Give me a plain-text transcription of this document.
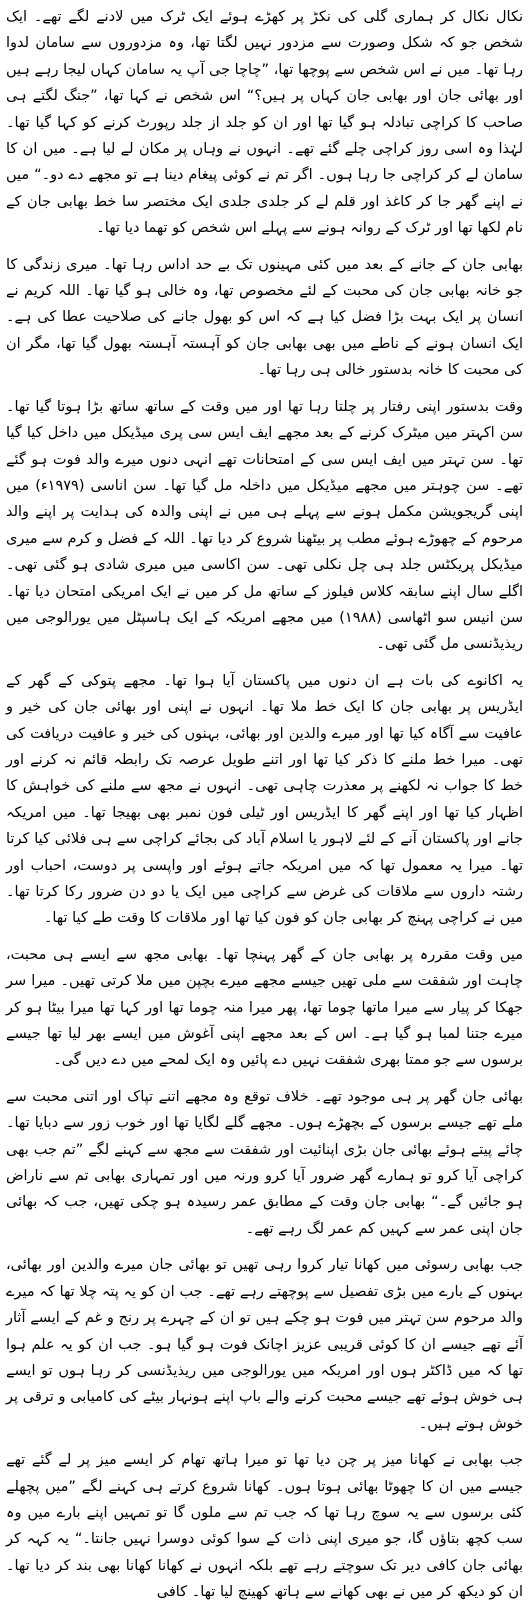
نکال نکال کر ہماری گلی کی نکڑ پر کھڑے ہوئے ایک ٹرک میں لادنے لگے تھے۔ ایک شخص جو کہ شکل وصورت سے مزدور نہیں لگتا تھا، وہ مزدوروں سے سامان لدوا رہا تھا۔ میں نے اس شخص سے پوچھا تھا، ”چاچا جی آپ یہ سامان کہاں لیجا رہے ہیں اور بھائی جان اور بھابی جان کہاں پر ہیں؟“ اس شخص نے کہا تھا، ”جنگ لگتے ہی صاحب کا کراچی تبادلہ ہو گیا تھا اور ان کو جلد از جلد رپورٹ کرنے کو کہا گیا تھا۔ لہٰذا وہ اسی روز کراچی چلے گئے تھے۔ انہوں نے وہاں پر مکان لے لیا ہے۔ میں ان کا سامان لے کر کراچی جا رہا ہوں۔ اگر تم نے کوئی پیغام دینا ہے تو مجھے دے دو۔“ میں نے اپنے گھر جا کر کاغذ اور قلم لے کر جلدی جلدی ایک مختصر سا خط بھابی جان کے نام لکھا تھا اور ٹرک کے روانہ ہونے سے پہلے اس شخص کو تھما دیا تھا۔

بھابی جان کے جانے کے بعد میں کئی مہینوں تک بے حد اداس رہا تھا۔ میری زندگی کا جو خانہ بھابی جان کی محبت کے لئے مخصوص تھا، وہ خالی ہو گیا تھا۔ اللہ کریم نے انسان پر ایک بہت بڑا فضل کیا ہے کہ اس کو بھول جانے کی صلاحیت عطا کی ہے۔ ایک انسان ہونے کے ناطے میں بھی بھابی جان کو آہستہ آہستہ بھول گیا تھا، مگر ان کی محبت کا خانہ بدستور خالی ہی رہا تھا۔

وقت بدستور اپنی رفتار پر چلتا رہا تھا اور میں وقت کے ساتھ ساتھ بڑا ہوتا گیا تھا۔ سن اکہتر میں میٹرک کرنے کے بعد مجھے ایف ایس سی پری میڈیکل میں داخل کیا گیا تھا۔ سن تہتر میں ایف ایس سی کے امتحانات تھے انہی دنوں میرے والد فوت ہو گئے تھے۔ سن چوہتر میں مجھے میڈیکل میں داخلہ مل گیا تھا۔ سن اناسی (۱۹۷۹ء) میں اپنی گریجویشن مکمل ہونے سے پہلے ہی میں نے اپنی والدہ کی ہدایت پر اپنے والد مرحوم کے چھوڑے ہوئے مطب پر بیٹھنا شروع کر دیا تھا۔ اللہ کے فضل و کرم سے میری میڈیکل پریکٹس جلد ہی چل نکلی تھی۔ سن اکاسی میں میری شادی ہو گئی تھی۔ اگلے سال اپنے سابقہ کلاس فیلوز کے ساتھ مل کر میں نے ایک امریکی امتحان دیا تھا۔ سن انیس سو اٹھاسی (۱۹۸۸) میں مجھے امریکہ کے ایک ہاسپٹل میں یورالوجی میں ریذیڈنسی مل گئی تھی۔

یہ اکانوے کی بات ہے ان دنوں میں پاکستان آیا ہوا تھا۔ مجھے پتوکی کے گھر کے ایڈریس پر بھابی جان کا ایک خط ملا تھا۔ انہوں نے اپنی اور بھائی جان کی خیر و عافیت سے آگاہ کیا تھا اور میرے والدین اور بھائی، بہنوں کی خیر و عافیت دریافت کی تھی۔ میرا خط ملنے کا ذکر کیا تھا اور اتنے طویل عرصہ تک رابطہ قائم نہ کرنے اور خط کا جواب نہ لکھنے پر معذرت چاہی تھی۔ انہوں نے مجھ سے ملنے کی خواہش کا اظہار کیا تھا اور اپنے گھر کا ایڈریس اور ٹیلی فون نمبر بھی بھیجا تھا۔ میں امریکہ جانے اور پاکستان آنے کے لئے لاہور یا اسلام آباد کی بجائے کراچی سے ہی فلائی کیا کرتا تھا۔ میرا یہ معمول تھا کہ میں امریکہ جاتے ہوئے اور واپسی پر دوست، احباب اور رشتہ داروں سے ملاقات کی غرض سے کراچی میں ایک یا دو دن ضرور رکا کرتا تھا۔ میں نے کراچی پہنچ کر بھابی جان کو فون کیا تھا اور ملاقات کا وقت طے کیا تھا۔

میں وقت مقررہ پر بھابی جان کے گھر پہنچا تھا۔ بھابی مجھ سے ایسے ہی محبت، چاہت اور شفقت سے ملی تھیں جیسے مجھے میرے بچپن میں ملا کرتی تھیں۔ میرا سر جھکا کر پیار سے میرا ماتھا چوما تھا، پھر میرا منہ چوما تھا اور کہا تھا میرا بیٹا ہو کر میرے جتنا لمبا ہو گیا ہے۔ اس کے بعد مجھے اپنی آغوش میں ایسے بھر لیا تھا جیسے برسوں سے جو ممتا بھری شفقت نہیں دے پائیں وہ ایک لمحے میں دے دیں گی۔

بھائی جان گھر پر ہی موجود تھے۔ خلاف توقع وہ مجھے اتنے تپاک اور اتنی محبت سے ملے تھے جیسے برسوں کے بچھڑے ہوں۔ مجھے گلے لگایا تھا اور خوب زور سے دبایا تھا۔ چائے پیتے ہوئے بھائی جان بڑی اپنائیت اور شفقت سے مجھ سے کہنے لگے ”تم جب بھی کراچی آیا کرو تو ہمارے گھر ضرور آیا کرو ورنہ میں اور تمہاری بھابی تم سے ناراض ہو جائیں گے۔“ بھابی جان وقت کے مطابق عمر رسیدہ ہو چکی تھیں، جب کہ بھائی جان اپنی عمر سے کہیں کم عمر لگ رہے تھے۔

جب بھابی رسوئی میں کھانا تیار کروا رہی تھیں تو بھائی جان میرے والدین اور بھائی، بہنوں کے بارے میں بڑی تفصیل سے پوچھتے رہے تھے۔ جب ان کو یہ پتہ چلا تھا کہ میرے والد مرحوم سن تہتر میں فوت ہو چکے ہیں تو ان کے چہرے پر رنج و غم کے ایسے آثار آئے تھے جیسے ان کا کوئی قریبی عزیز اچانک فوت ہو گیا ہو۔ جب ان کو یہ علم ہوا تھا کہ میں ڈاکٹر ہوں اور امریکہ میں یورالوجی میں ریذیڈنسی کر رہا ہوں تو ایسے ہی خوش ہوئے تھے جیسے محبت کرنے والے باپ اپنے ہونہار بیٹے کی کامیابی و ترقی پر خوش ہوتے ہیں۔

جب بھابی نے کھانا میز پر چن دیا تھا تو میرا ہاتھ تھام کر ایسے میز پر لے گئے تھے جیسے میں ان کا چھوٹا بھائی ہوتا ہوں۔ کھانا شروع کرتے ہی کہنے لگے ”میں پچھلے کئی برسوں سے یہ سوچ رہا تھا کہ جب تم سے ملوں گا تو تمہیں اپنے بارے میں وہ سب کچھ بتاؤں گا، جو میری اپنی ذات کے سوا کوئی دوسرا نہیں جانتا۔“ یہ کہہ کر بھائی جان کافی دیر تک سوچتے رہے تھے بلکہ انہوں نے کھانا کھانا بھی بند کر دیا تھا۔ ان کو دیکھ کر میں نے بھی کھانے سے ہاتھ کھینچ لیا تھا۔ کافی
